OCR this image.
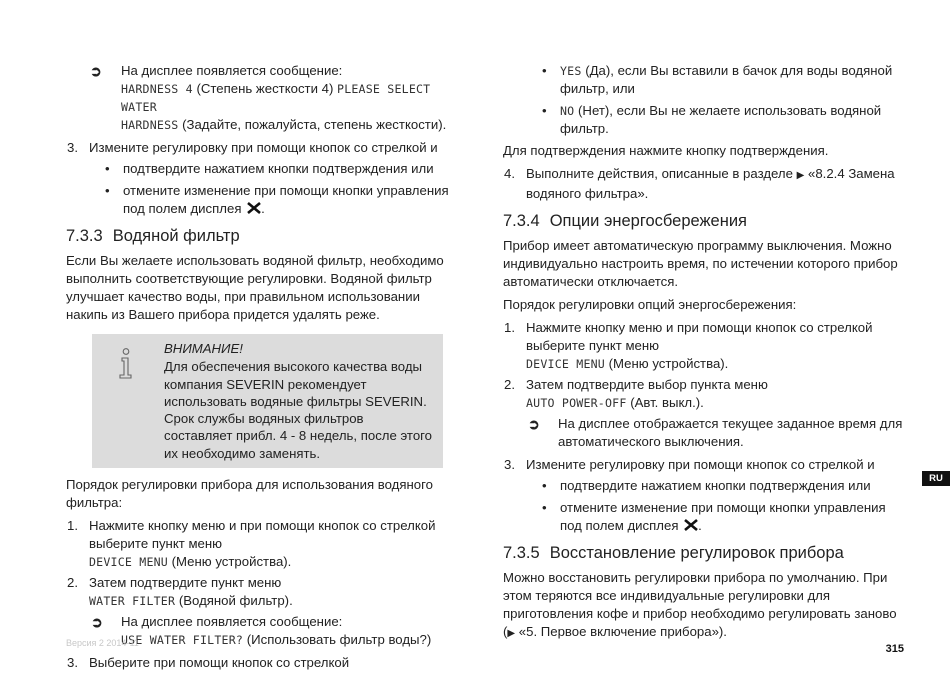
➲ На дисплее появляется сообщение:
HARDNESS 4 (Степень жесткости 4) PLEASE SELECT WATER
HARDNESS (Задайте, пожалуйста, степень жесткости).
3. Измените регулировку при помощи кнопок со стрелкой и
• подтвердите нажатием кнопки подтверждения или
• отмените изменение при помощи кнопки управления под полем дисплея .
7.3.3 Водяной фильтр

Если Вы желаете использовать водяной фильтр, необходимо выполнить соответствующие регулировки. Водяной фильтр улучшает качество воды, при правильном использовании накипь из Вашего прибора придется удалять реже.

ВНИМАНИЕ!
Для обеспечения высокого качества воды компания SEVERIN рекомендует использовать водяные фильтры SEVERIN. Срок службы водяных фильтров составляет прибл. 4 - 8 недель, после этого их необходимо заменять.

Порядок регулировки прибора для использования водяного фильтра:

1. Нажмите кнопку меню и при помощи кнопок со стрелкой выберите пункт меню
DEVICE MENU (Меню устройства).
2. Затем подтвердите пункт меню
WATER FILTER (Водяной фильтр).
➲ На дисплее появляется сообщение:
USE WATER FILTER? (Использовать фильтр воды?)
3. Выберите при помощи кнопок со стрелкой
• YES (Да), если Вы вставили в бачок для воды водяной фильтр, или
• NO (Нет), если Вы не желаете использовать водяной фильтр.

Для подтверждения нажмите кнопку подтверждения.

4. Выполните действия, описанные в разделе ▶ «8.2.4 Замена водяного фильтра».
7.3.4 Опции энергосбережения

Прибор имеет автоматическую программу выключения. Можно индивидуально настроить время, по истечении которого прибор автоматически отключается.

Порядок регулировки опций энергосбережения:

1. Нажмите кнопку меню и при помощи кнопок со стрелкой выберите пункт меню
DEVICE MENU (Меню устройства).
2. Затем подтвердите выбор пункта меню
AUTO POWER-OFF (Авт. выкл.).
➲ На дисплее отображается текущее заданное время для автоматического выключения.
3. Измените регулировку при помощи кнопок со стрелкой и
• подтвердите нажатием кнопки подтверждения или
• отмените изменение при помощи кнопки управления под полем дисплея .
7.3.5 Восстановление регулировок прибора

Можно восстановить регулировки прибора по умолчанию. При этом теряются все индивидуальные регулировки для приготовления кофе и прибор необходимо регулировать заново (▶ «5. Первое включение прибора»).

RU
Версия 2 2014-11	315
